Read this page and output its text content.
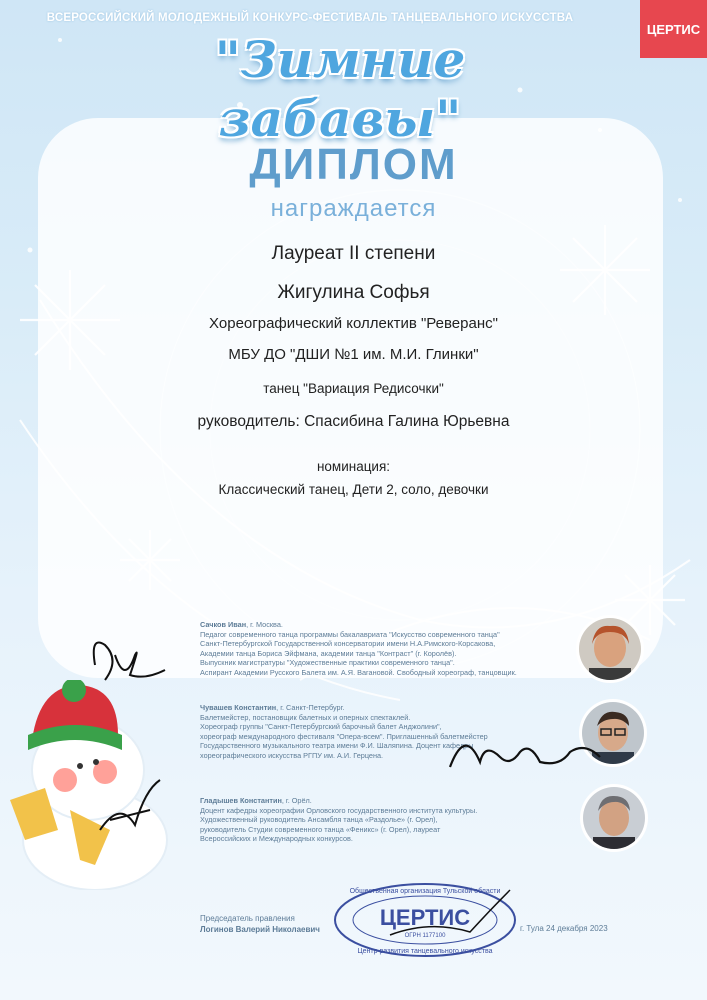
ВСЕРОССИЙСКИЙ МОЛОДЕЖНЫЙ КОНКУРС-ФЕСТИВАЛЬ ТАНЦЕВАЛЬНОГО ИСКУССТВА
ЦЕРТИС
"Зимние забавы"
ДИПЛОМ
награждается
Лауреат II степени
Жигулина Софья
Хореографический коллектив "Реверанс"
МБУ ДО "ДШИ №1 им. М.И. Глинки"
танец "Вариация Редисочки"
руководитель: Спасибина Галина Юрьевна
номинация:
Классический танец, Дети 2, соло, девочки
Сачков Иван, г. Москва.
Педагог современного танца программы бакалавриата "Искусство современного танца"
Санкт-Петербургской Государственной консерватории имени Н.А.Римского-Корсакова,
Академии танца Бориса Эйфмана, академии танца "Контраст" (г. Королёв).
Выпускник магистратуры "Художественные практики современного танца".
Аспирант Академии Русского Балета им. А.Я. Вагановой. Свободный хореограф, танцовщик.
Чувашев Константин, г. Санкт-Петербург.
Балетмейстер, постановщик балетных и оперных спектаклей.
Хореограф группы "Санкт-Петербургский барочный балет Анджолини",
хореограф международного фестиваля "Опера-всем". Приглашенный балетмейстер
Государственного музыкального театра имени Ф.И. Шаляпина. Доцент кафедры
хореографического искусства РГПУ им. А.И. Герцена.
Гладышев Константин, г. Орёл.
Доцент кафедры хореографии Орловского государственного института культуры.
Художественный руководитель Ансамбля танца «Раздолье» (г. Орел),
руководитель Студии современного танца «Феникс» (г. Орел), лауреат
Всероссийских и Международных конкурсов.
Председатель правления
Логинов Валерий Николаевич	г. Тула 24 декабря 2023
Общественная организация Тульской области
ЦЕРТИС
ОГРН 1177100
Центр развития танцевального искусства
